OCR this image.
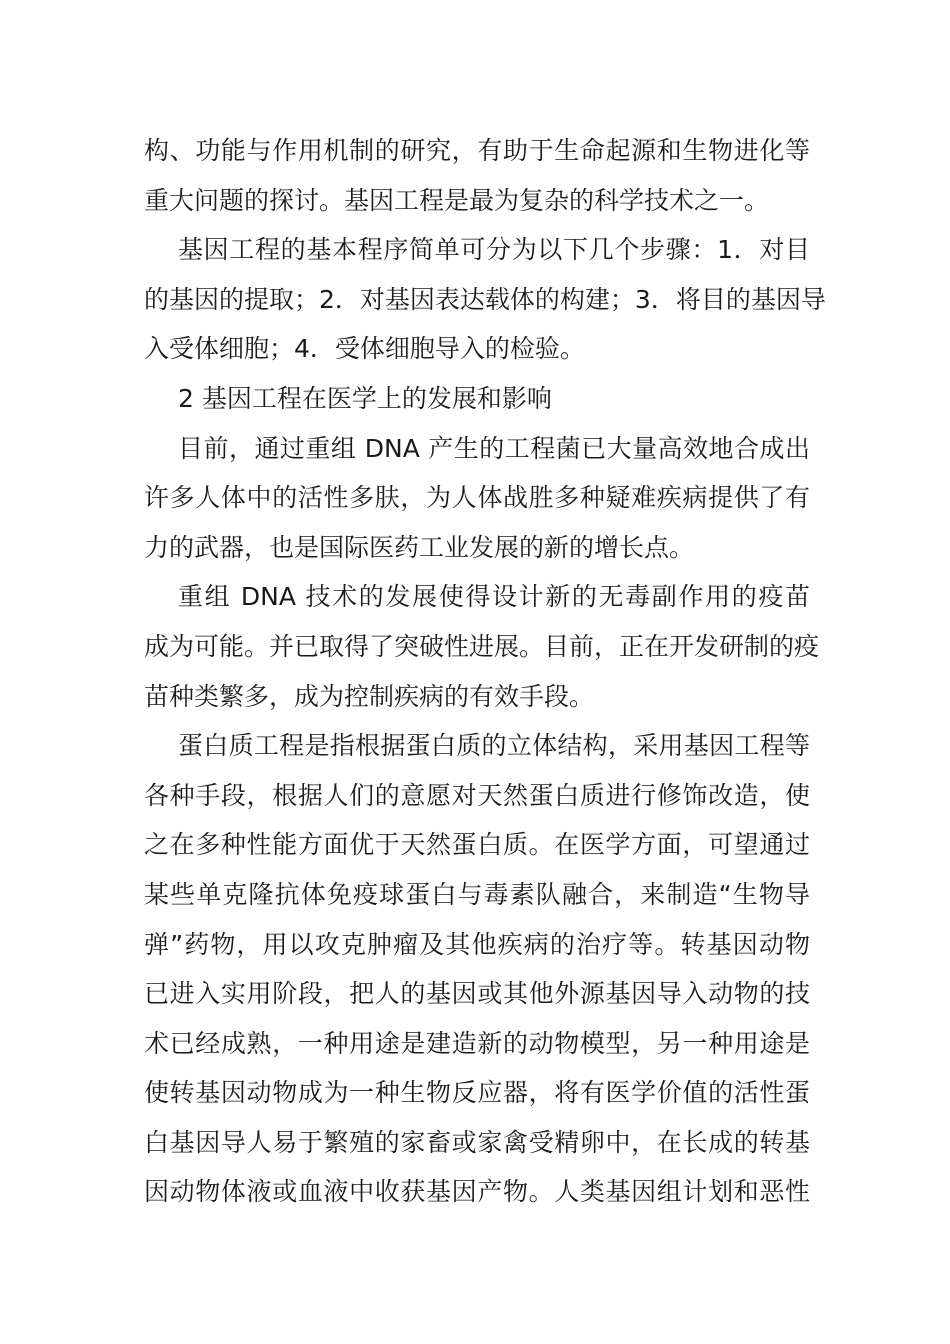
构、功能与作用机制的研究，有助于生命起源和生物进化等
重大问题的探讨。基因工程是最为复杂的科学技术之一。
基因工程的基本程序简单可分为以下几个步骤：1．对目
的基因的提取；2．对基因表达载体的构建；3．将目的基因导
入受体细胞；4．受体细胞导入的检验。
2 基因工程在医学上的发展和影响
目前，通过重组 DNA 产生的工程菌已大量高效地合成出
许多人体中的活性多肤，为人体战胜多种疑难疾病提供了有
力的武器，也是国际医药工业发展的新的增长点。
重组 DNA 技术的发展使得设计新的无毒副作用的疫苗
成为可能。并已取得了突破性进展。目前，正在开发研制的疫
苗种类繁多，成为控制疾病的有效手段。
蛋白质工程是指根据蛋白质的立体结构，采用基因工程等
各种手段，根据人们的意愿对天然蛋白质进行修饰改造，使
之在多种性能方面优于天然蛋白质。在医学方面，可望通过
某些单克隆抗体免疫球蛋白与毒素队融合，来制造“生物导
弹”药物，用以攻克肿瘤及其他疾病的治疗等。转基因动物
已进入实用阶段，把人的基因或其他外源基因导入动物的技
术已经成熟，一种用途是建造新的动物模型，另一种用途是
使转基因动物成为一种生物反应器，将有医学价值的活性蛋
白基因导人易于繁殖的家畜或家禽受精卵中，在长成的转基
因动物体液或血液中收获基因产物。人类基因组计划和恶性
